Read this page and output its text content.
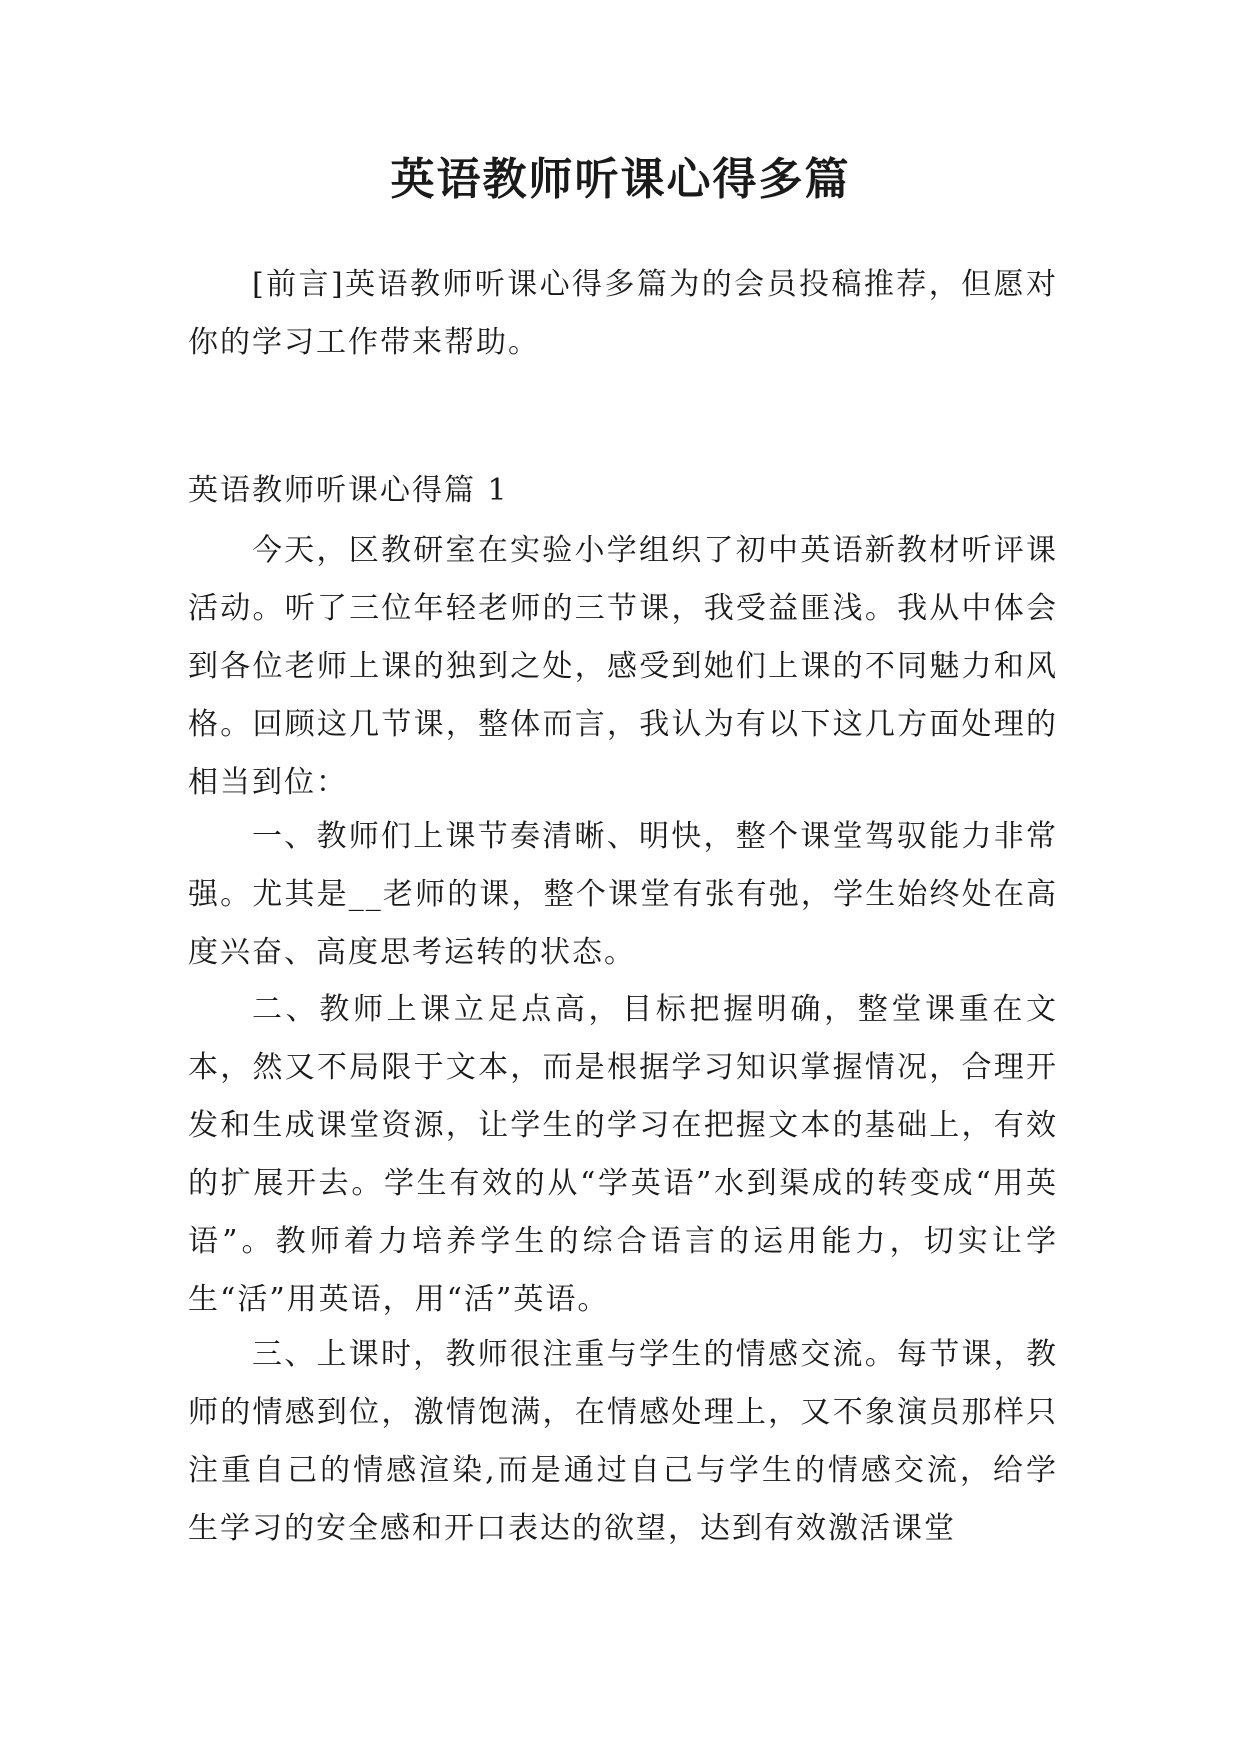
英语教师听课心得多篇

[前言]英语教师听课心得多篇为的会员投稿推荐，但愿对你的学习工作带来帮助。

英语教师听课心得篇 1

今天，区教研室在实验小学组织了初中英语新教材听评课活动。听了三位年轻老师的三节课，我受益匪浅。我从中体会到各位老师上课的独到之处，感受到她们上课的不同魅力和风格。回顾这几节课，整体而言，我认为有以下这几方面处理的相当到位：

一、教师们上课节奏清晰、明快，整个课堂驾驭能力非常强。尤其是__老师的课，整个课堂有张有弛，学生始终处在高度兴奋、高度思考运转的状态。

二、教师上课立足点高，目标把握明确，整堂课重在文本，然又不局限于文本，而是根据学习知识掌握情况，合理开发和生成课堂资源，让学生的学习在把握文本的基础上，有效的扩展开去。学生有效的从“学英语”水到渠成的转变成“用英语”。教师着力培养学生的综合语言的运用能力，切实让学生“活”用英语，用“活”英语。

三、上课时，教师很注重与学生的情感交流。每节课，教师的情感到位，激情饱满，在情感处理上，又不象演员那样只注重自己的情感渲染,而是通过自己与学生的情感交流，给学生学习的安全感和开口表达的欲望，达到有效激活课堂
